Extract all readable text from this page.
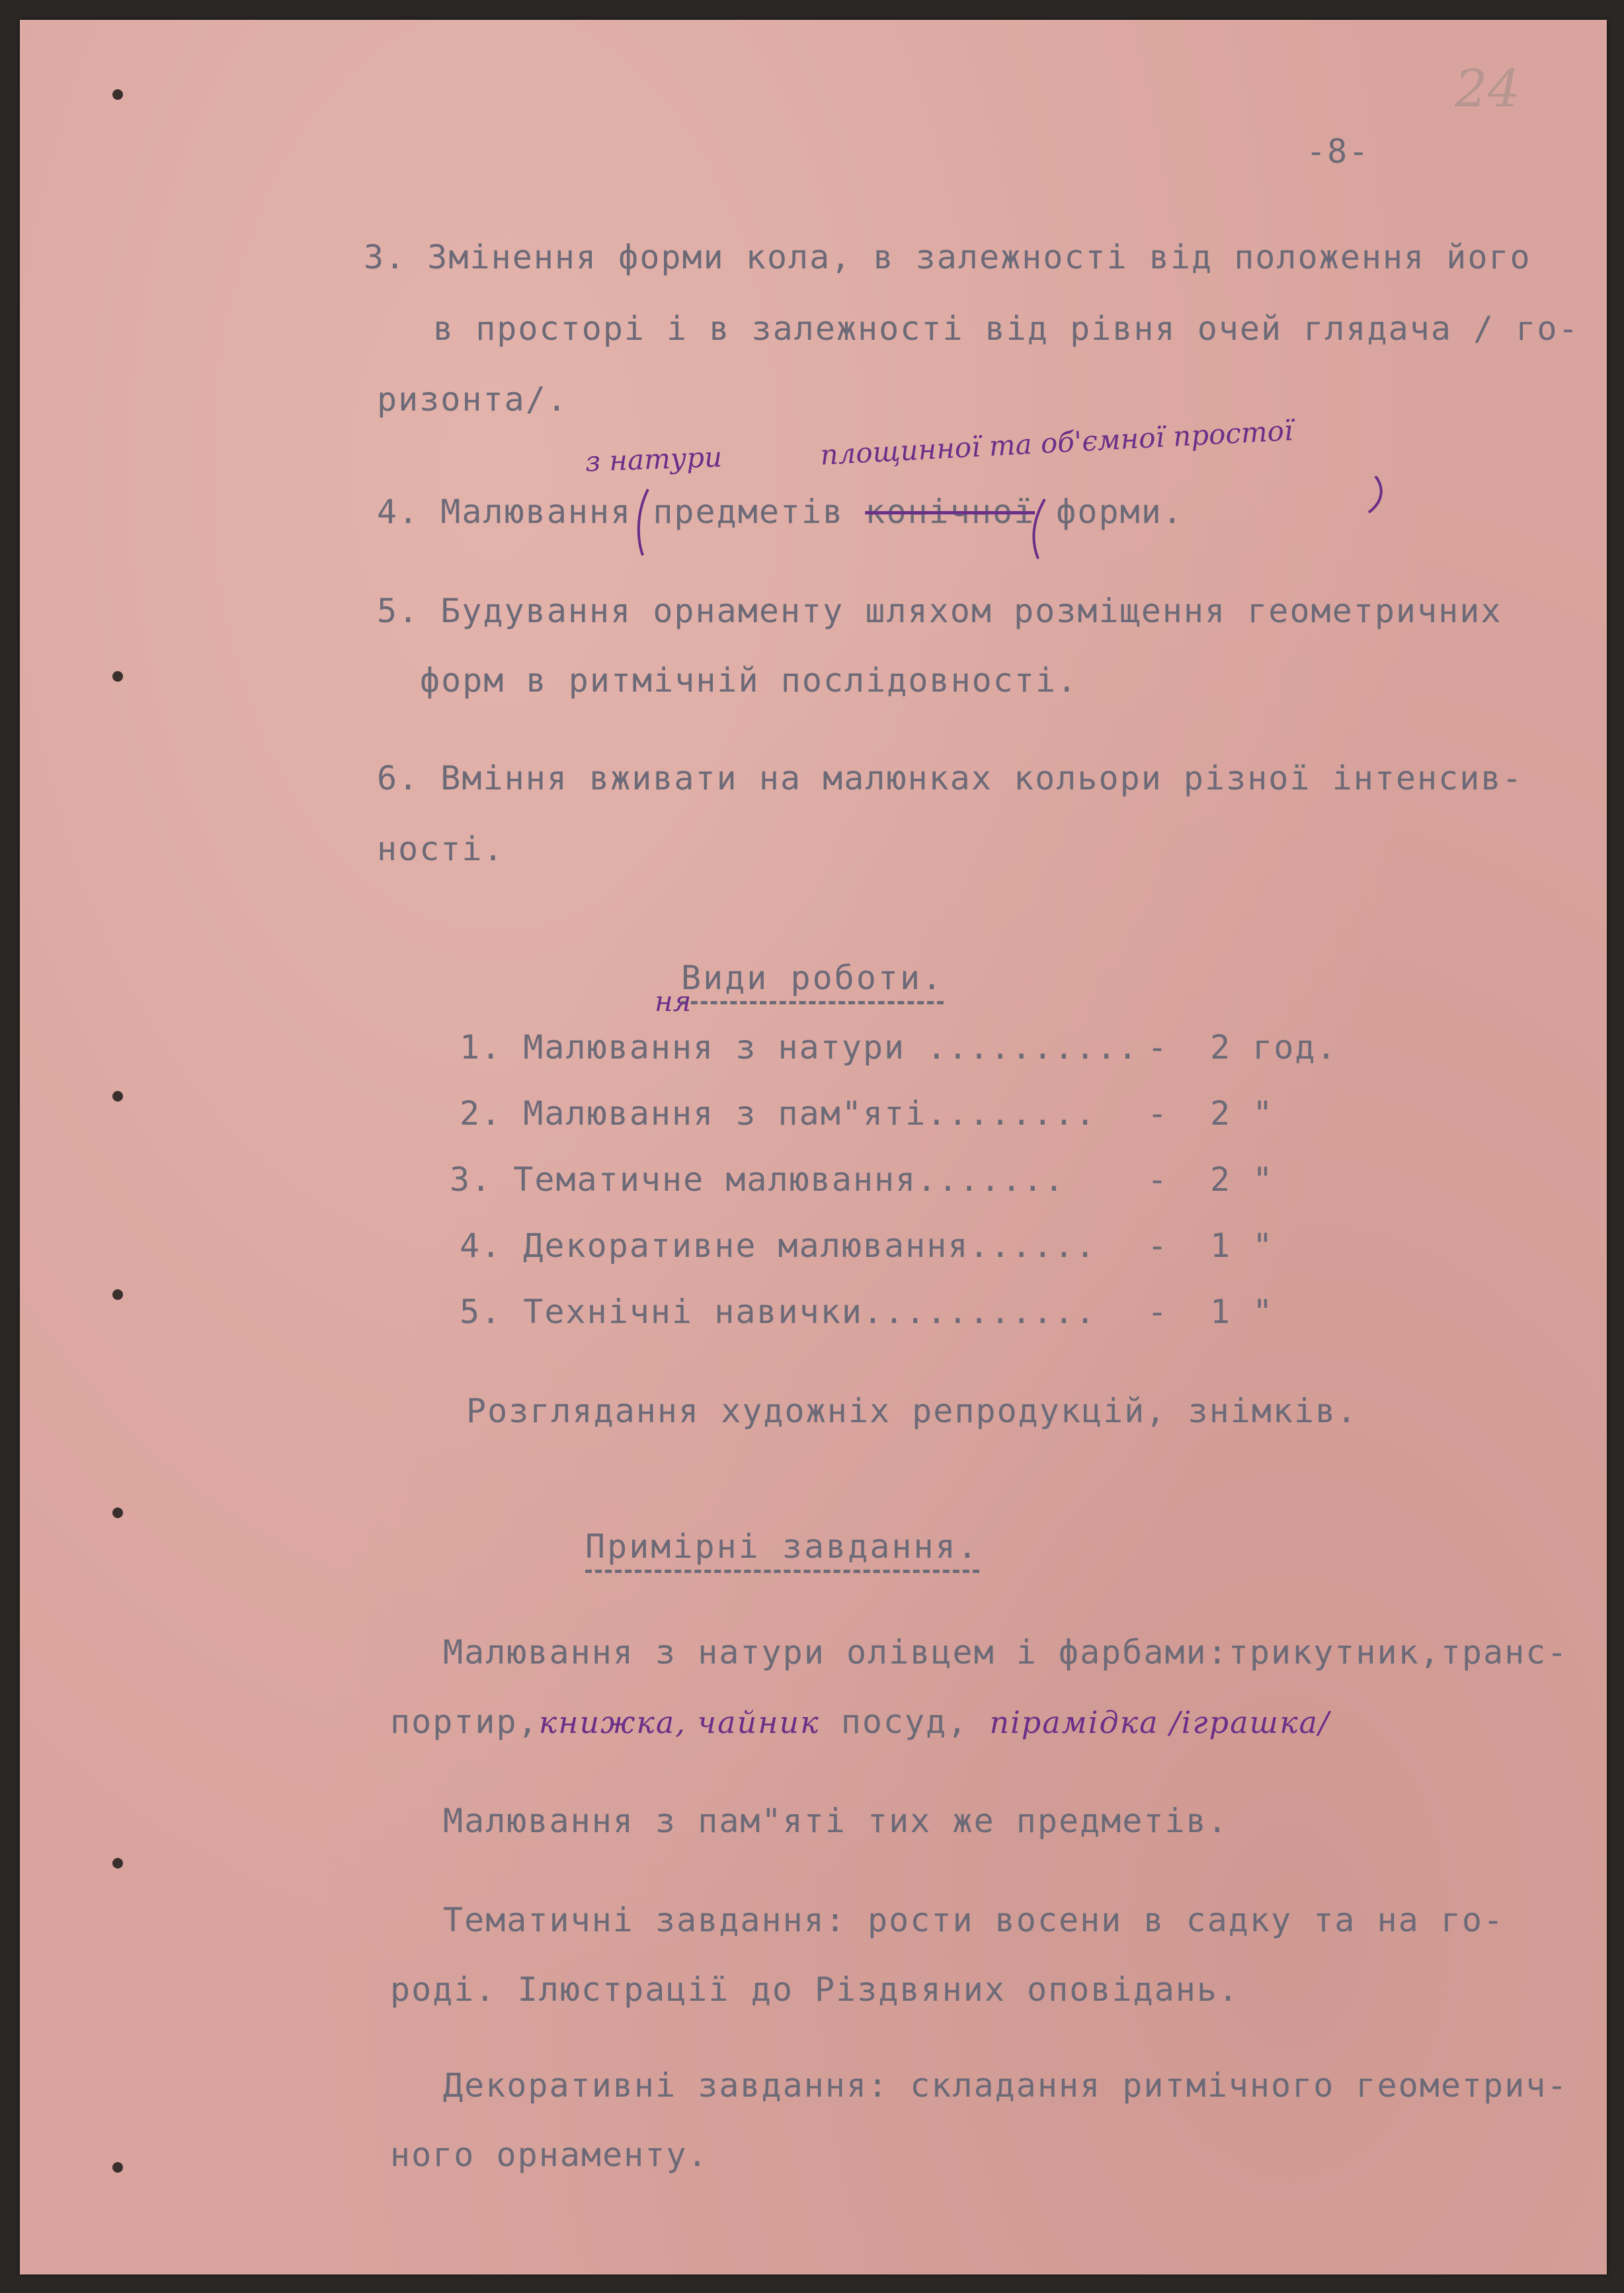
24
-8-
3. Змінення форми кола, в залежності від положення його
в просторі і в залежності від рівня очей глядача / го-
ризонта/.
з натури	площинної та об'ємної простої
4. Малювання предметів конічної форми.
5. Будування орнаменту шляхом розміщення геометричних
форм в ритмічній послідовності.
6. Вміння вживати на малюнках кольори різної інтенсив-
ності.
Види роботи.
ня
1. Малювання з натури .......... - 2 год.
2. Малювання з пам"яті........ - 2 "
3. Тематичне малювання....... - 2 "
4. Декоративне малювання...... - 1 "
5. Технічні навички........... - 1 "
Розглядання художніх репродукцій, знімків.
Примірні завдання.
Малювання з натури олівцем і фарбами:трикутник,транс-
портир,книжка, чайник посуд, пірамідка /іграшка/
Малювання з пам"яті тих же предметів.
Тематичні завдання: рости восени в садку та на го-
роді. Ілюстрації до Різдвяних оповідань.
Декоративні завдання: складання ритмічного геометрич-
ного орнаменту.
